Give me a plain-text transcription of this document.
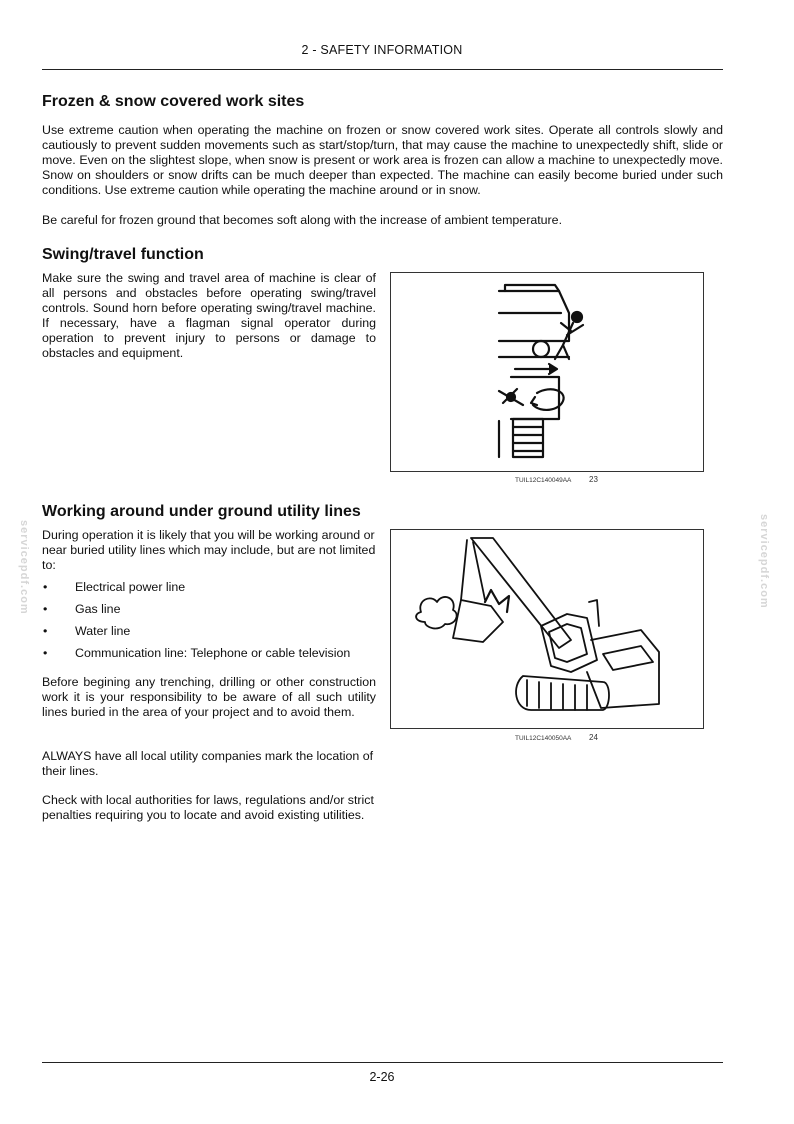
2 - SAFETY INFORMATION
Frozen & snow covered work sites

Use extreme caution when operating the machine on frozen or snow covered work sites. Operate all controls slowly and cautiously to prevent sudden movements such as start/stop/turn, that may cause the machine to unexpectedly shift, slide or move. Even on the slightest slope, when snow is present or work area is frozen can allow a machine to unexpectedly move. Snow on shoulders or snow drifts can be much deeper than expected. The machine can easily become buried under such conditions. Use extreme caution while operating the machine around or in snow.

Be careful for frozen ground that becomes soft along with the increase of ambient temperature.

Swing/travel function

Make sure the swing and travel area of machine is clear of all persons and obstacles before operating swing/travel controls. Sound horn before operating swing/travel machine. If necessary, have a flagman signal operator during operation to prevent injury to persons or damage to obstacles and equipment.

TUIL12C140049AA 23
Working around under ground utility lines

During operation it is likely that you will be working around or near buried utility lines which may include, but are not limited to:

• Electrical power line
• Gas line
• Water line
• Communication line: Telephone or cable television

Before begining any trenching, drilling or other construction work it is your responsibility to be aware of all such utility lines buried in the area of your project and to avoid them.

ALWAYS have all local utility companies mark the location of their lines.

Check with local authorities for laws, regulations and/or strict penalties requiring you to locate and avoid existing utilities.

TUIL12C140050AA 24
servicepdf.com	servicepdf.com
2-26
